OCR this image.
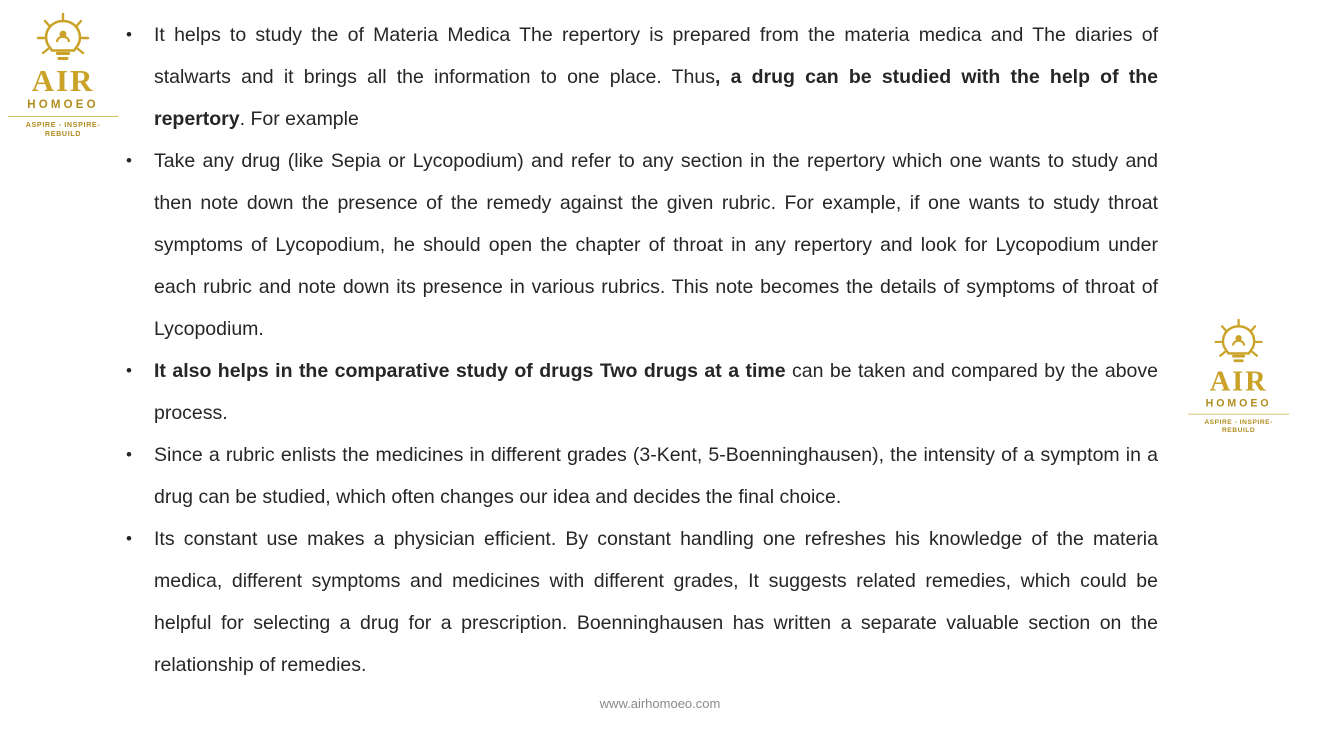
AIR
HOMOEO
ASPIRE - INSPIRE- REBUILD
AIR
HOMOEO
ASPIRE - INSPIRE- REBUILD
• It helps to study the of Materia Medica The repertory is prepared from the materia medica and The diaries of stalwarts and it brings all the information to one place. Thus, a drug can be studied with the help of the repertory. For example
• Take any drug (like Sepia or Lycopodium) and refer to any section in the repertory which one wants to study and then note down the presence of the remedy against the given rubric. For example, if one wants to study throat symptoms of Lycopodium, he should open the chapter of throat in any repertory and look for Lycopodium under each rubric and note down its presence in various rubrics. This note becomes the details of symptoms of throat of Lycopodium.
• It also helps in the comparative study of drugs Two drugs at a time can be taken and compared by the above process.
• Since a rubric enlists the medicines in different grades (3-Kent, 5-Boenninghausen), the intensity of a symptom in a drug can be studied, which often changes our idea and decides the final choice.
• Its constant use makes a physician efficient. By constant handling one refreshes his knowledge of the materia medica, different symptoms and medicines with different grades, It suggests related remedies, which could be helpful for selecting a drug for a prescription. Boenninghausen has written a separate valuable section on the relationship of remedies.
www.airhomoeo.com
